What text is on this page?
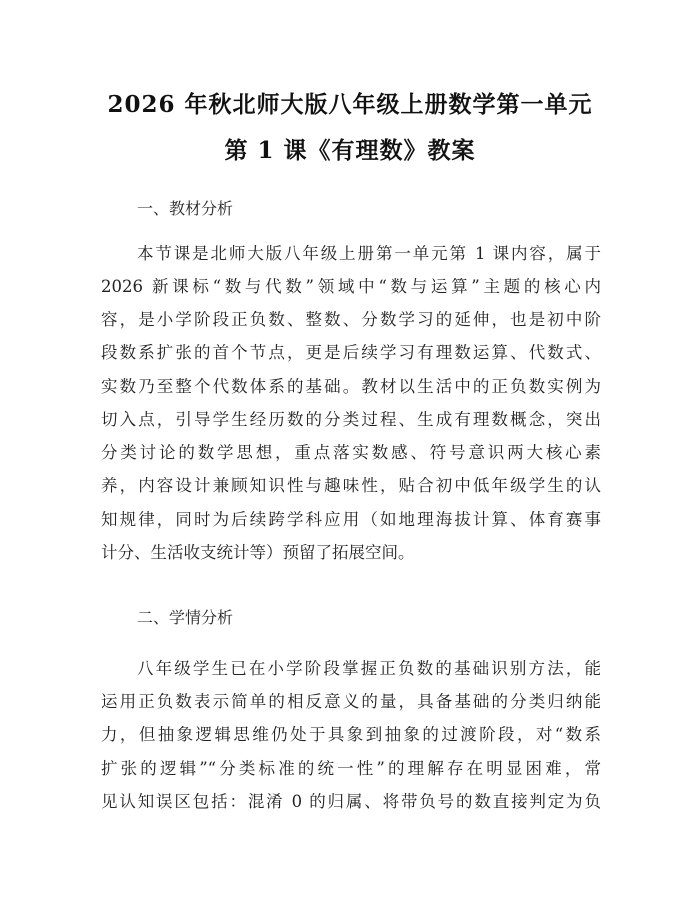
2026 年秋北师大版八年级上册数学第一单元
第 1 课《有理数》教案
一、教材分析
本节课是北师大版八年级上册第一单元第 1 课内容，属于
2026 新课标“数与代数”领域中“数与运算”主题的核心内
容，是小学阶段正负数、整数、分数学习的延伸，也是初中阶
段数系扩张的首个节点，更是后续学习有理数运算、代数式、
实数乃至整个代数体系的基础。教材以生活中的正负数实例为
切入点，引导学生经历数的分类过程、生成有理数概念，突出
分类讨论的数学思想，重点落实数感、符号意识两大核心素
养，内容设计兼顾知识性与趣味性，贴合初中低年级学生的认
知规律，同时为后续跨学科应用（如地理海拔计算、体育赛事
计分、生活收支统计等）预留了拓展空间。
二、学情分析
八年级学生已在小学阶段掌握正负数的基础识别方法，能
运用正负数表示简单的相反意义的量，具备基础的分类归纳能
力，但抽象逻辑思维仍处于具象到抽象的过渡阶段，对“数系
扩张的逻辑”“分类标准的统一性”的理解存在明显困难，常
见认知误区包括：混淆 0 的归属、将带负号的数直接判定为负
